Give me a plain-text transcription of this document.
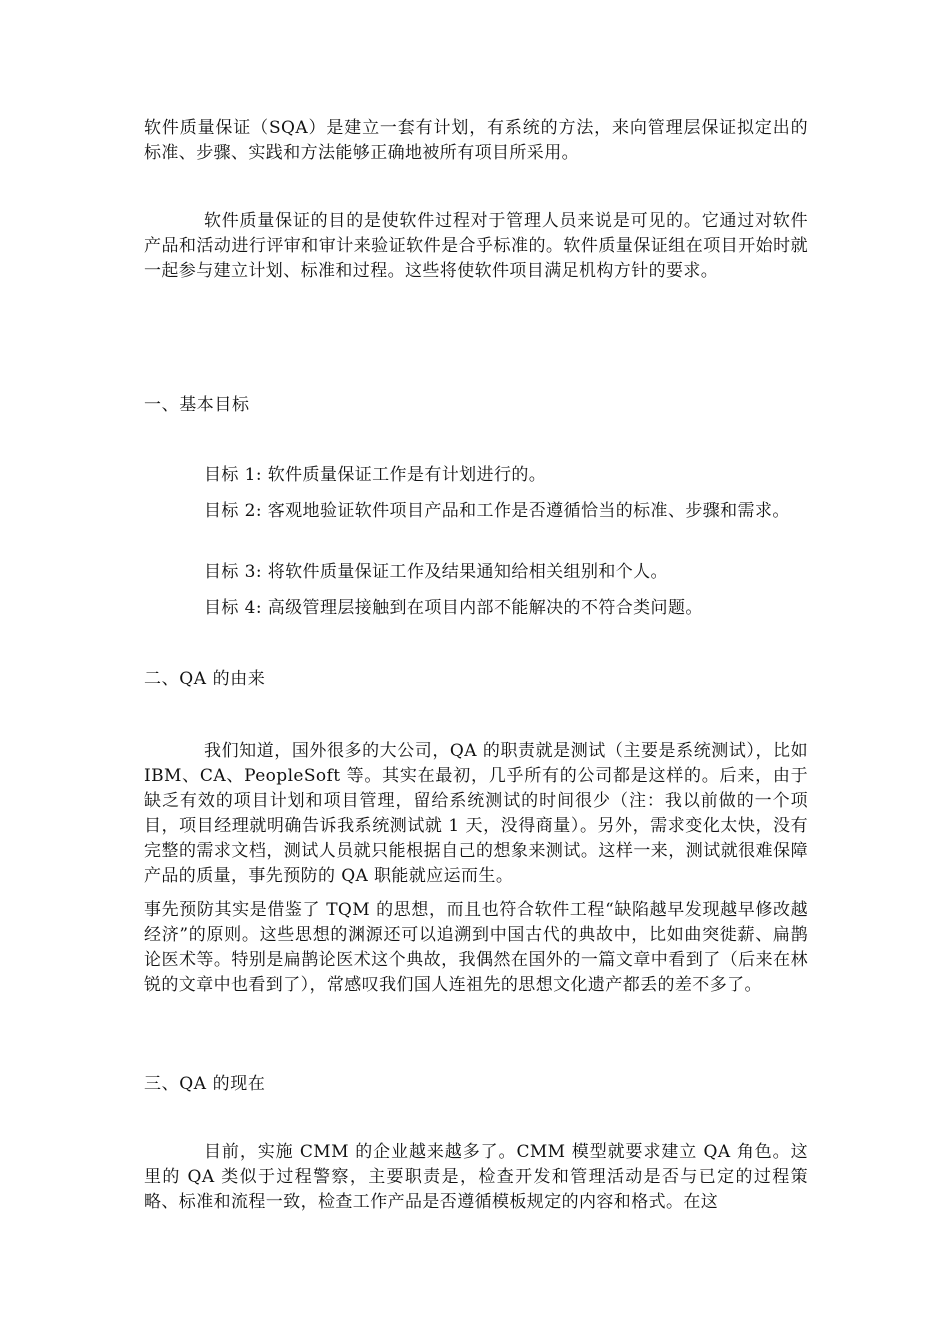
软件质量保证（SQA）是建立一套有计划，有系统的方法，来向管理层保证拟定出的标准、步骤、实践和方法能够正确地被所有项目所采用。

软件质量保证的目的是使软件过程对于管理人员来说是可见的。它通过对软件产品和活动进行评审和审计来验证软件是合乎标准的。软件质量保证组在项目开始时就一起参与建立计划、标准和过程。这些将使软件项目满足机构方针的要求。

一、基本目标

目标 1: 软件质量保证工作是有计划进行的。

目标 2: 客观地验证软件项目产品和工作是否遵循恰当的标准、步骤和需求。

目标 3: 将软件质量保证工作及结果通知给相关组别和个人。

目标 4: 高级管理层接触到在项目内部不能解决的不符合类问题。

二、QA 的由来

我们知道，国外很多的大公司，QA 的职责就是测试（主要是系统测试），比如 IBM、CA、PeopleSoft 等。其实在最初，几乎所有的公司都是这样的。后来，由于缺乏有效的项目计划和项目管理，留给系统测试的时间很少（注：我以前做的一个项目，项目经理就明确告诉我系统测试就 1 天，没得商量）。另外，需求变化太快，没有完整的需求文档，测试人员就只能根据自己的想象来测试。这样一来，测试就很难保障产品的质量，事先预防的 QA 职能就应运而生。

事先预防其实是借鉴了 TQM 的思想，而且也符合软件工程“缺陷越早发现越早修改越经济”的原则。这些思想的渊源还可以追溯到中国古代的典故中，比如曲突徙薪、扁鹊论医术等。特别是扁鹊论医术这个典故，我偶然在国外的一篇文章中看到了（后来在林锐的文章中也看到了），常感叹我们国人连祖先的思想文化遗产都丢的差不多了。

三、QA 的现在

目前，实施 CMM 的企业越来越多了。CMM 模型就要求建立 QA 角色。这里的 QA 类似于过程警察，主要职责是，检查开发和管理活动是否与已定的过程策略、标准和流程一致，检查工作产品是否遵循模板规定的内容和格式。在这
